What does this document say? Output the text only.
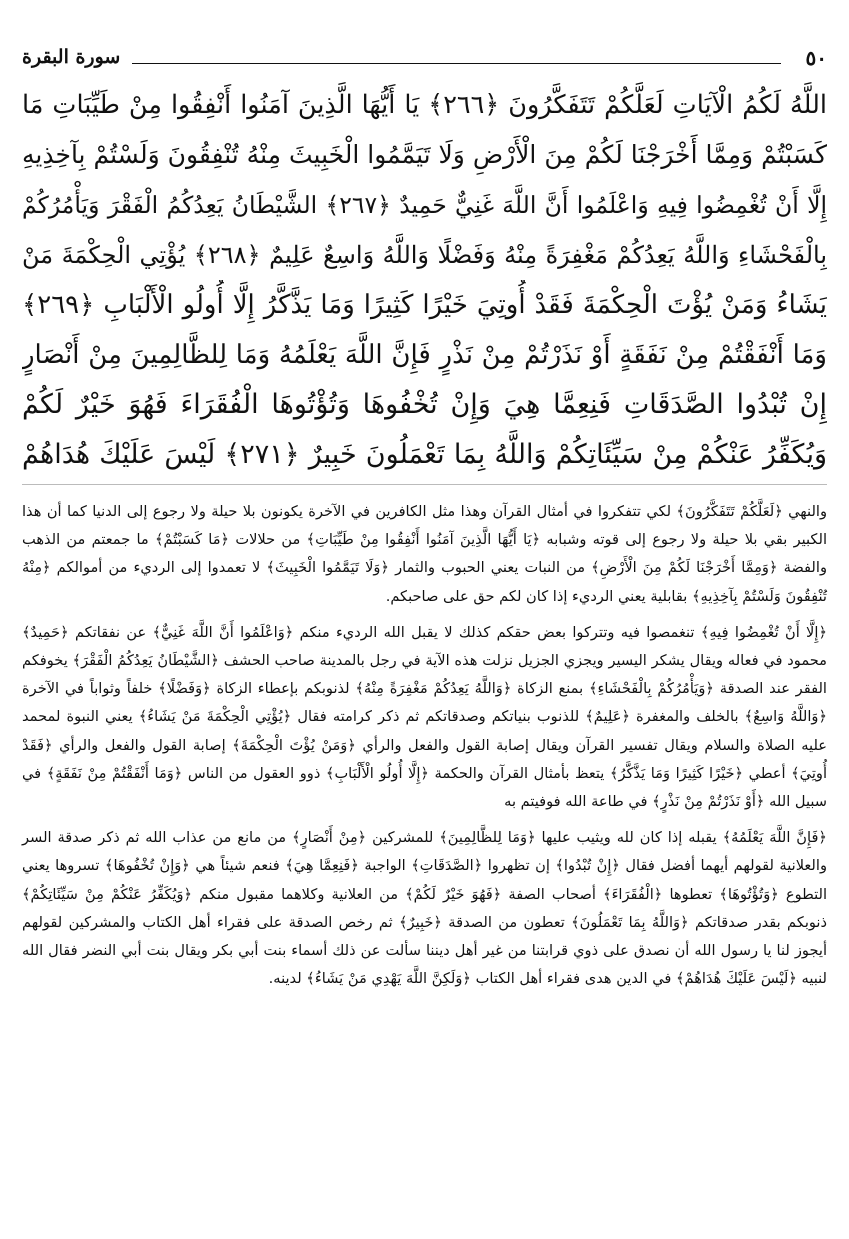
٥٠
سورة البقرة
اللَّهُ لَكُمُ الْآيَاتِ لَعَلَّكُمْ تَتَفَكَّرُونَ ﴿٢٦٦﴾ يَا أَيُّهَا الَّذِينَ آمَنُوا أَنْفِقُوا مِنْ طَيِّبَاتِ مَا
كَسَبْتُمْ وَمِمَّا أَخْرَجْنَا لَكُمْ مِنَ الْأَرْضِ وَلَا تَيَمَّمُوا الْخَبِيثَ مِنْهُ تُنْفِقُونَ وَلَسْتُمْ بِآخِذِيهِ
إِلَّا أَنْ تُغْمِضُوا فِيهِ وَاعْلَمُوا أَنَّ اللَّهَ غَنِيٌّ حَمِيدٌ ﴿٢٦٧﴾ الشَّيْطَانُ يَعِدُكُمُ الْفَقْرَ وَيَأْمُرُكُمْ
بِالْفَحْشَاءِ وَاللَّهُ يَعِدُكُمْ مَغْفِرَةً مِنْهُ وَفَضْلًا وَاللَّهُ وَاسِعٌ عَلِيمٌ ﴿٢٦٨﴾ يُؤْتِي الْحِكْمَةَ مَنْ
يَشَاءُ وَمَنْ يُؤْتَ الْحِكْمَةَ فَقَدْ أُوتِيَ خَيْرًا كَثِيرًا وَمَا يَذَّكَّرُ إِلَّا أُولُو الْأَلْبَابِ ﴿٢٦٩﴾
وَمَا أَنْفَقْتُمْ مِنْ نَفَقَةٍ أَوْ نَذَرْتُمْ مِنْ نَذْرٍ فَإِنَّ اللَّهَ يَعْلَمُهُ وَمَا لِلظَّالِمِينَ مِنْ أَنْصَارٍ
إِنْ تُبْدُوا الصَّدَقَاتِ فَنِعِمَّا هِيَ وَإِنْ تُخْفُوهَا وَتُؤْتُوهَا الْفُقَرَاءَ فَهُوَ خَيْرٌ لَكُمْ
وَيُكَفِّرُ عَنْكُمْ مِنْ سَيِّئَاتِكُمْ وَاللَّهُ بِمَا تَعْمَلُونَ خَبِيرٌ ﴿٢٧١﴾ لَيْسَ عَلَيْكَ هُدَاهُمْ

والنهي ﴿لَعَلَّكُمْ تَتَفَكَّرُونَ﴾ لكي تتفكروا في أمثال القرآن وهذا مثل الكافرين في الآخرة يكونون بلا حيلة ولا رجوع إلى الدنيا كما أن هذا الكبير بقي بلا حيلة ولا رجوع إلى قوته وشبابه ﴿يَا أَيُّهَا الَّذِينَ آمَنُوا أَنْفِقُوا مِنْ طَيِّبَاتِ﴾ من حلالات ﴿مَا كَسَبْتُمْ﴾ ما جمعتم من الذهب والفضة ﴿وَمِمَّا أَخْرَجْنَا لَكُمْ مِنَ الْأَرْضِ﴾ من النبات يعني الحبوب والثمار ﴿وَلَا تَيَمَّمُوا الْخَبِيثَ﴾ لا تعمدوا إلى الرديء من أموالكم ﴿مِنْهُ تُنْفِقُونَ وَلَسْتُمْ بِآخِذِيهِ﴾ بقابلية يعني الرديء إذا كان لكم حق على صاحبكم.

﴿إِلَّا أَنْ تُغْمِضُوا فِيهِ﴾ تنغمصوا فيه وتتركوا بعض حقكم كذلك لا يقبل الله الرديء منكم ﴿وَاعْلَمُوا أَنَّ اللَّهَ غَنِيٌّ﴾ عن نفقاتكم ﴿حَمِيدٌ﴾ محمود في فعاله ويقال يشكر اليسير ويجزي الجزيل نزلت هذه الآية في رجل بالمدينة صاحب الحشف ﴿الشَّيْطَانُ يَعِدُكُمُ الْفَقْرَ﴾ يخوفكم الفقر عند الصدقة ﴿وَيَأْمُرُكُمْ بِالْفَحْشَاءِ﴾ بمنع الزكاة ﴿وَاللَّهُ يَعِدُكُمْ مَغْفِرَةً مِنْهُ﴾ لذنوبكم بإعطاء الزكاة ﴿وَفَضْلًا﴾ خلفاً وثواباً في الآخرة ﴿وَاللَّهُ وَاسِعٌ﴾ بالخلف والمغفرة ﴿عَلِيمٌ﴾ للذنوب بنياتكم وصدقاتكم ثم ذكر كرامته فقال ﴿يُؤْتِي الْحِكْمَةَ مَنْ يَشَاءُ﴾ يعني النبوة لمحمد عليه الصلاة والسلام ويقال تفسير القرآن ويقال إصابة القول والفعل والرأي ﴿وَمَنْ يُؤْتَ الْحِكْمَةَ﴾ إصابة القول والفعل والرأي ﴿فَقَدْ أُوتِيَ﴾ أعطي ﴿خَيْرًا كَثِيرًا وَمَا يَذَّكَّرُ﴾ يتعظ بأمثال القرآن والحكمة ﴿إِلَّا أُولُو الْأَلْبَابِ﴾ ذوو العقول من الناس ﴿وَمَا أَنْفَقْتُمْ مِنْ نَفَقَةٍ﴾ في سبيل الله ﴿أَوْ نَذَرْتُمْ مِنْ نَذْرٍ﴾ في طاعة الله فوفيتم به

﴿فَإِنَّ اللَّهَ يَعْلَمُهُ﴾ يقبله إذا كان لله ويثيب عليها ﴿وَمَا لِلظَّالِمِينَ﴾ للمشركين ﴿مِنْ أَنْصَارٍ﴾ من مانع من عذاب الله ثم ذكر صدقة السر والعلانية لقولهم أيهما أفضل فقال ﴿إِنْ تُبْدُوا﴾ إن تظهروا ﴿الصَّدَقَاتِ﴾ الواجبة ﴿فَنِعِمَّا هِيَ﴾ فنعم شيئاً هي ﴿وَإِنْ تُخْفُوهَا﴾ تسروها يعني التطوع ﴿وَتُؤْتُوهَا﴾ تعطوها ﴿الْفُقَرَاءَ﴾ أصحاب الصفة ﴿فَهُوَ خَيْرٌ لَكُمْ﴾ من العلانية وكلاهما مقبول منكم ﴿وَيُكَفِّرُ عَنْكُمْ مِنْ سَيِّئَاتِكُمْ﴾ ذنوبكم بقدر صدقاتكم ﴿وَاللَّهُ بِمَا تَعْمَلُونَ﴾ تعطون من الصدقة ﴿خَبِيرٌ﴾ ثم رخص الصدقة على فقراء أهل الكتاب والمشركين لقولهم أيجوز لنا يا رسول الله أن نصدق على ذوي قرابتنا من غير أهل ديننا سألت عن ذلك أسماء بنت أبي بكر ويقال بنت أبي النضر فقال الله لنبيه ﴿لَيْسَ عَلَيْكَ هُدَاهُمْ﴾ في الدين هدى فقراء أهل الكتاب ﴿وَلَكِنَّ اللَّهَ يَهْدِي مَنْ يَشَاءُ﴾ لدينه.
